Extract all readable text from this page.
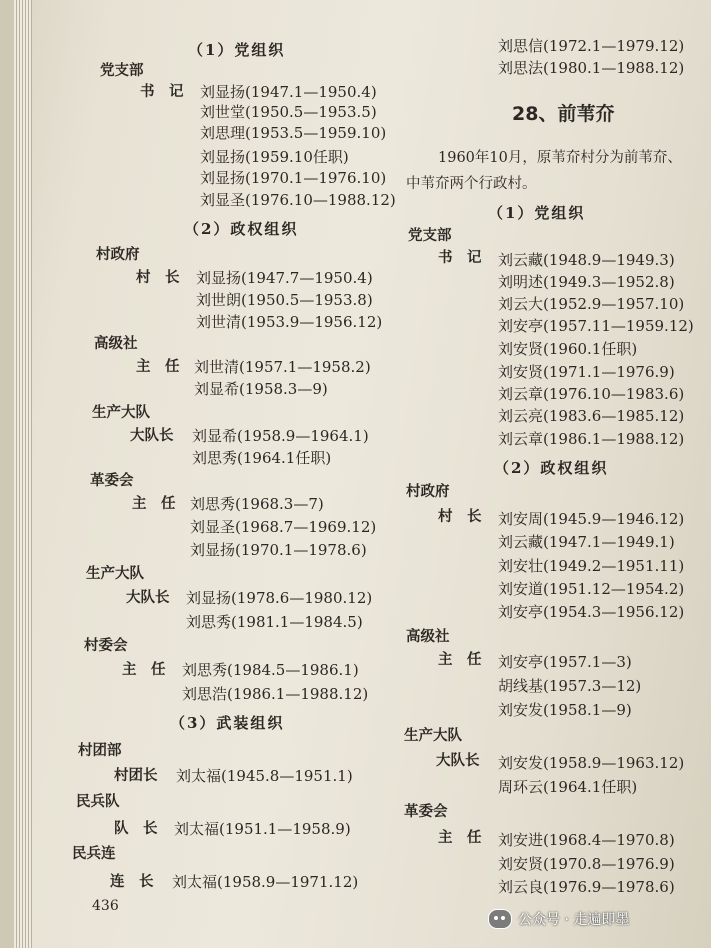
（1）党组织
党支部
书　记 刘显扬(1947.1—1950.4)
刘世堂(1950.5—1953.5)
刘思理(1953.5—1959.10)
刘显扬(1959.10任职)
刘显扬(1970.1—1976.10)
刘显圣(1976.10—1988.12)
（2）政权组织
村政府
村　长 刘显扬(1947.7—1950.4)
刘世朗(1950.5—1953.8)
刘世清(1953.9—1956.12)
高级社
主　任 刘世清(1957.1—1958.2)
刘显希(1958.3—9)
生产大队
大队长 刘显希(1958.9—1964.1)
刘思秀(1964.1任职)
革委会
主　任 刘思秀(1968.3—7)
刘显圣(1968.7—1969.12)
刘显扬(1970.1—1978.6)
生产大队
大队长 刘显扬(1978.6—1980.12)
刘思秀(1981.1—1984.5)
村委会
主　任 刘思秀(1984.5—1986.1)
刘思浩(1986.1—1988.12)
（3）武装组织
村团部
村团长 刘太福(1945.8—1951.1)
民兵队
队　长 刘太福(1951.1—1958.9)
民兵连
连　长 刘太福(1958.9—1971.12)
刘思信(1972.1—1979.12)
刘思法(1980.1—1988.12)
28、前苇夼
1960年10月，原苇夼村分为前苇夼、
中苇夼两个行政村。
（1）党组织
党支部
书　记 刘云藏(1948.9—1949.3)
刘明述(1949.3—1952.8)
刘云大(1952.9—1957.10)
刘安亭(1957.11—1959.12)
刘安贤(1960.1任职)
刘安贤(1971.1—1976.9)
刘云章(1976.10—1983.6)
刘云亮(1983.6—1985.12)
刘云章(1986.1—1988.12)
（2）政权组织
村政府
村　长 刘安周(1945.9—1946.12)
刘云藏(1947.1—1949.1)
刘安壮(1949.2—1951.11)
刘安道(1951.12—1954.2)
刘安亭(1954.3—1956.12)
高级社
主　任 刘安亭(1957.1—3)
胡线基(1957.3—12)
刘安发(1958.1—9)
生产大队
大队长 刘安发(1958.9—1963.12)
周环云(1964.1任职)
革委会
主　任 刘安进(1968.4—1970.8)
刘安贤(1970.8—1976.9)
刘云良(1976.9—1978.6)
436
公众号 · 走遍即墨
